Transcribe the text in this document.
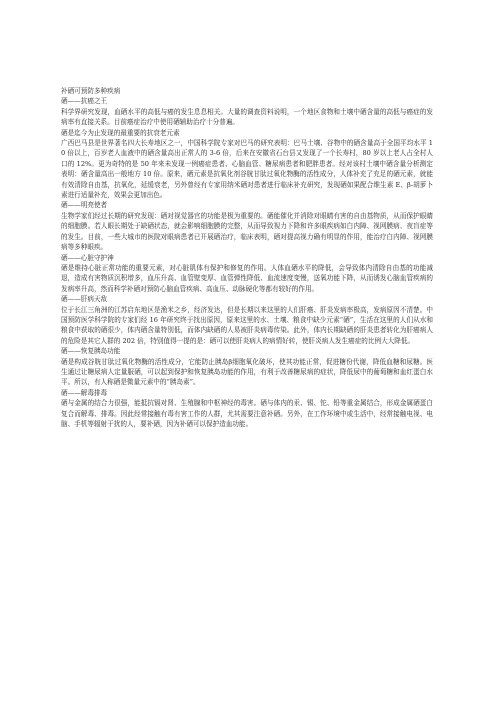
补硒可预防多种疾病
硒——抗癌之王
科学界研究发现，血硒水平的高低与癌的发生息息相关。大量的调查资料说明，一个地区食物和土壤中硒含量的高低与癌症的发病率有直接关系。目前癌症治疗中使用硒辅助治疗十分普遍。
硒是迄今为止发现的最重要的抗衰老元素
广西巴马县是世界著名四大长寿地区之一，中国科学院专家对巴马的研究表明：巴马土壤、谷物中的硒含量高于全国平均水平 10 倍以上，百岁老人血液中的硒含量高出正常人的 3-6 倍，后来在安徽省石台县又发现了一个长寿村，80 岁以上老人占全村人口的 12%。更为奇特的是 50 年来未发现一例癌症患者、心脑血管、糖尿病患者和肥胖患者。经对该村土壤中硒含量分析测定表明：硒含量高出一般地方 10 倍。原来，硒元素是抗氧化剂谷胱甘肽过氧化物酶的活性成分，人体补充了充足的硒元素，就能有效清除自由基，抗氧化，延缓衰老，另外曾经有专家用纳米硒对患者进行临床补充研究，发现硒如果配合维生素 E、β-胡萝卜素进行适量补充，效果会更加出色。
硒——明亮使者
生物学家们经过长期的研究发现：硒对视觉器官的功能是极为重要的。硒能催化并消除对眼睛有害的自由基物质，从而保护眼睛的细胞膜。若人眼长期处于缺硒状态，就会影响细胞膜的完整，从而导致视力下降和许多眼疾病如白内障、视网膜病、夜盲症等的发生。目前，一些大城市的医院对眼病患者已开展硒治疗，临床表明，硒对提高视力确有明显的作用，能治疗白内障、视网膜病等多种眼疾。
硒——心脏守护神
硒是维持心脏正常功能的重要元素，对心脏肌体有保护和修复的作用。人体血硒水平的降低，会导致体内清除自由基的功能减退，造成有害物质沉积增多，血压升高、血管壁变厚、血管弹性降低、血流速度变慢，送氧功能下降，从而诱发心脑血管疾病的发病率升高，然而科学补硒对预防心脑血管疾病、高血压、动脉硬化等都有较好的作用。
硒——肝病天敌
位于长江三角洲的江苏启东地区是渔米之乡，经济发达，但是长期以来这里的人们肝癌、肝炎发病率极高，发病原因不清楚。中国预防医学科学院的专家们经 16 年研究终于找出原因，原来这里的水、土壤、粮食中缺少元素“硒”，生活在这里的人们从水和粮食中获取的硒很少，体内硒含量特别低，而体内缺硒的人易被肝炎病毒传染。此外，体内长期缺硒的肝炎患者转化为肝癌病人的危险是其它人群的 202 倍，特别值得一提的是：硒可以使肝炎病人的病情好转，使肝炎病人发生癌症的比例大大降低。
硒——恢复胰岛功能
硒是构成谷胱甘肽过氧化物酶的活性成分，它能防止胰岛β细胞氧化破坏，使其功能正常，促进糖份代谢，降低血糖和尿糖。医生通过让糖尿病人定量服硒，可以起到保护和恢复胰岛功能的作用，有利于改善糖尿病的症状，降低尿中的葡萄糖和血红蛋白水平。所以，有人称硒是微量元素中的“胰岛素”。
硒——解毒排毒
硒与金属的结合力很强，能抵抗镉对肾、生殖腺和中枢神经的毒害。硒与体内的汞、锡、铊、铅等重金属结合，形成金属硒蛋白复合而解毒、排毒。因此经常接触有毒有害工作的人群，尤其需要注意补硒。另外，在工作环境中或生活中，经常接触电视、电脑、手机等辐射干扰的人，要补硒，因为补硒可以保护造血功能。
